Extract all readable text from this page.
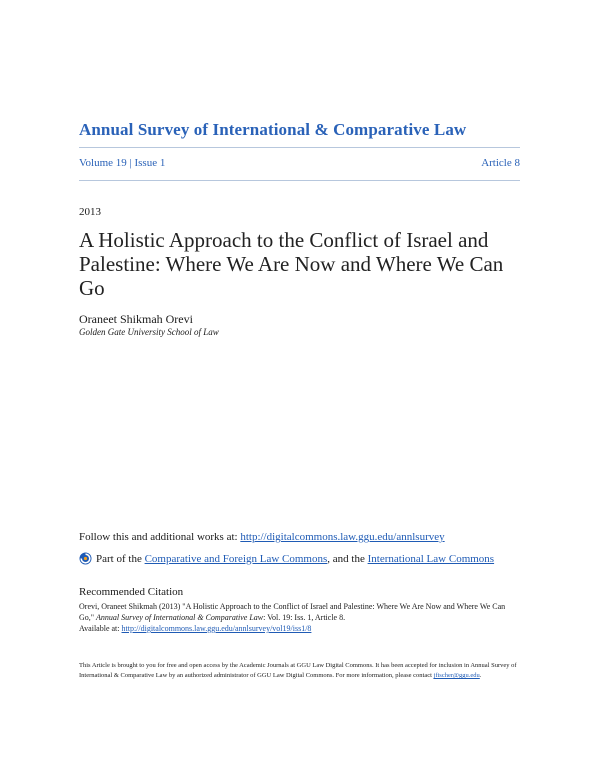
Annual Survey of International & Comparative Law
Volume 19 | Issue 1	Article 8
2013
A Holistic Approach to the Conflict of Israel and Palestine: Where We Are Now and Where We Can Go
Oraneet Shikmah Orevi
Golden Gate University School of Law
Follow this and additional works at: http://digitalcommons.law.ggu.edu/annlsurvey
Part of the
Comparative and Foreign Law Commons , and the
International Law Commons
Recommended Citation
Orevi, Oraneet Shikmah (2013) "A Holistic Approach to the Conflict of Israel and Palestine: Where We Are Now and Where We Can
Go," Annual Survey of International & Comparative Law: Vol. 19: Iss. 1, Article 8.
Available at: http://digitalcommons.law.ggu.edu/annlsurvey/vol19/iss1/8
This Article is brought to you for free and open access by the Academic Journals at GGU Law Digital Commons. It has been accepted for inclusion in Annual Survey of International & Comparative Law by an authorized administrator of GGU Law Digital Commons. For more information, please contact jfischer@ggu.edu.
